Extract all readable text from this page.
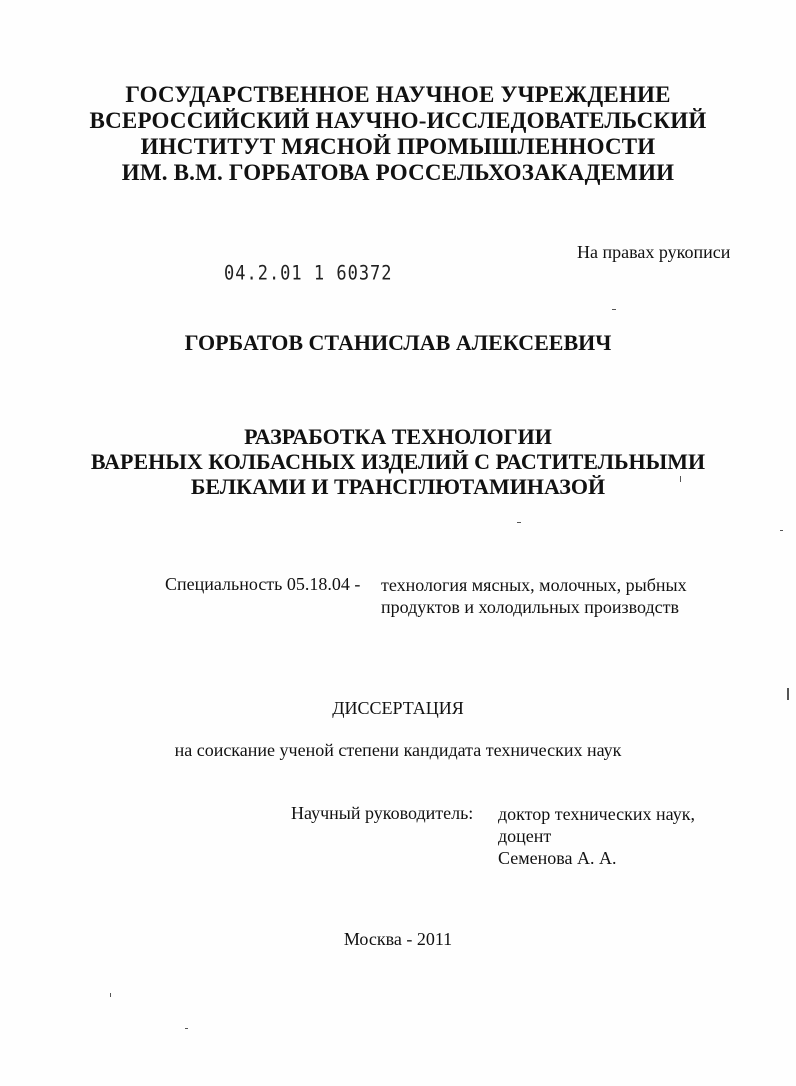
ГОСУДАРСТВЕННОЕ НАУЧНОЕ УЧРЕЖДЕНИЕ
ВСЕРОССИЙСКИЙ НАУЧНО-ИССЛЕДОВАТЕЛЬСКИЙ
ИНСТИТУТ МЯСНОЙ ПРОМЫШЛЕННОСТИ
ИМ. В.М. ГОРБАТОВА РОССЕЛЬХОЗАКАДЕМИИ
На правах рукописи
04.2.01 1 60372
ГОРБАТОВ СТАНИСЛАВ АЛЕКСЕЕВИЧ
РАЗРАБОТКА ТЕХНОЛОГИИ
ВАРЕНЫХ КОЛБАСНЫХ ИЗДЕЛИЙ С РАСТИТЕЛЬНЫМИ
БЕЛКАМИ И ТРАНСГЛЮТАМИНАЗОЙ
Специальность 05.18.04 - технология мясных, молочных, рыбных
продуктов и холодильных производств
ДИССЕРТАЦИЯ
на соискание ученой степени кандидата технических наук
Научный руководитель: доктор технических наук,
доцент
Семенова А. А.
Москва - 2011
